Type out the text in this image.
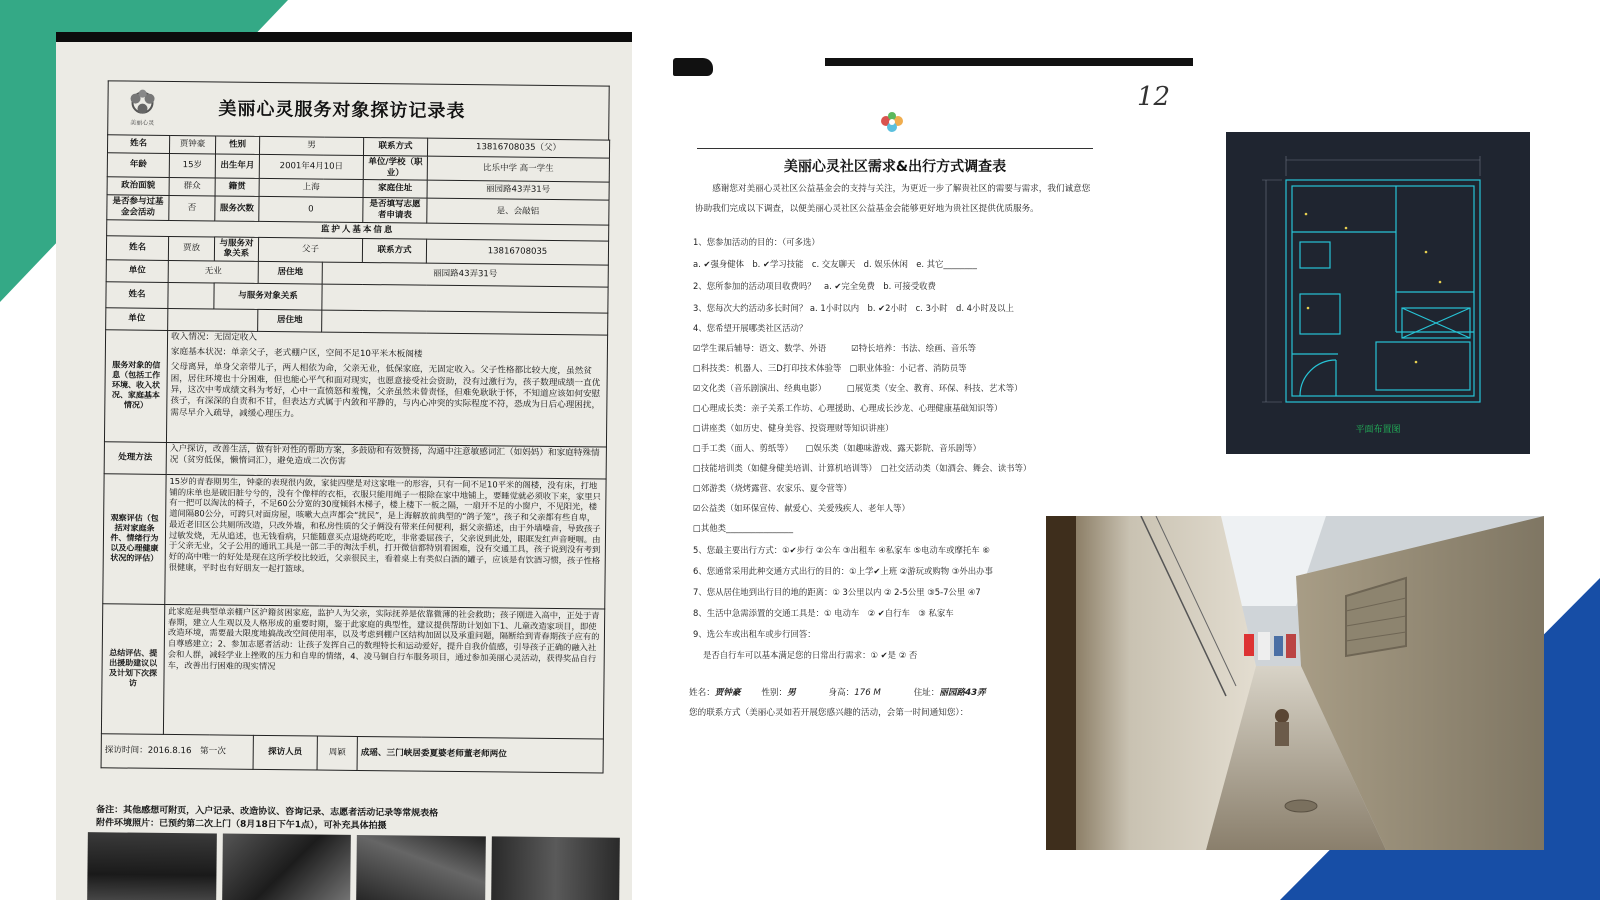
美丽心灵
美丽心灵服务对象探访记录表
姓名	贾钟豪	性别	男		联系方式	13816708035（父）
年龄	15岁	出生年月	2001年4月10日		单位/学校（职业）	比乐中学 高一学生
政治面貌	群众	籍贯	上海		家庭住址	丽园路43弄31号
是否参与过基金会活动	否	服务次数	0		是否填写志愿者申请表	是、会敲铝
监护人基本信息						
姓名	贾放	与服务对象关系	父子		联系方式	13816708035
单位	无业		居住地	丽园路43弄31号		
姓名		与服务对象关系				
单位			居住地			
服务对象的信息（包括工作环境、收入状况、家庭基本情况）	收入情况：无固定收入
家庭基本状况：单亲父子，老式棚户区，空间不足10平米木板阁楼
父母离异，单身父亲带儿子，两人相依为命，父亲无业，低保家庭，无固定收入。父子性格都比较大度，虽然贫困，居住环境也十分困难，但也能心平气和面对现实，也愿意接受社会资助，没有过激行为，孩子数理成绩一直优异，这次中考成绩文科为考好，心中一直愤怒和羞愧，父亲虽然未曾责怪，但难免耿耿于怀，不知道应该如何安慰孩子，有深深的自责和不甘，但表达方式属于内敛和平静的，与内心冲突的实际程度不符，恐成为日后心理困扰，需尽早介入疏导，减缓心理压力。					

处理方法	入户探访，改善生活，做有针对性的帮助方案，多鼓励和有效赞扬，沟通中注意敏感词汇（如妈妈）和家庭特殊情况（贫穷低保，懒惰词汇），避免造成二次伤害					
观察评估（包括对家庭条件、情绪行为以及心理健康状况的评估）	15岁的青春期男生，钟豪的表现很内敛，家徒四壁是对这家唯一的形容，只有一间不足10平米的阁楼，没有床，打地铺的床单也是破旧脏兮兮的，没有个像样的衣柜，衣服只能用绳子一根除在家中地铺上，要睡觉就必须收下来，家里只有一把可以淘汰的椅子，不足60公分宽的30度倾斜木梯子，楼上楼下一板之隔，一扇开不足的小窗户，不见阳光，楼道间隔80公分，可跨只对面房屋，咳嗽大点声都会“扰民”，是上海解放前典型的“鸽子笼”，孩子和父亲都有些自卑，最近老旧区公共厕所改造，只改外墙，和私房性质的父子俩没有带来任何便利，据父亲描述，由于外墙噪音，导致孩子过敏发烧，无从追述，也无钱看病，只能随意买点退烧药吃吃，非常委屈孩子，父亲说到此处，眼眶发红声音哽咽。由于父亲无业，父子公用的通讯工具是一部二手的淘汰手机，打开微信都特别看困难，没有交通工具，孩子说到没有考到好的高中唯一的好处是现在这所学校比较近，父亲很民主，看着桌上有类似白酒的罐子，应该是有饮酒习惯，孩子性格很健康，平时也有好朋友一起打篮球。					
总结评估、提出援助建议以及计划下次探访	此家庭是典型单亲棚户区沪籍贫困家庭，监护人为父亲，实际抚养是依靠微薄的社会救助；孩子刚进入高中，正处于青春期，建立人生观以及人格形成的重要时期，鉴于此家庭的典型性，建议提供帮助计划如下1、儿童改造家项目，即使改造环境，需要最大限度地搞战改空间使用率，以及考虑到棚户区结构加固以及承重问题，隔断给到青春期孩子应有的自尊感建立；2、参加志愿者活动：让孩子发挥自己的数理特长和运动爱好，提升自我价值感，引导孩子正确的融入社会和人群，减轻学业上挫败的压力和自卑的情绪，4、凌马铜自行车服务项目，通过参加美丽心灵活动，获得奖品自行车，改善出行困难的现实情况					
探访时间：2016.8.16　第一次			探访人员	周颖	成瑶、三门峡居委夏婆老师董老师两位	
备注：其他感想可附页，入户记录、改造协议、咨询记录、志愿者活动记录等常规表格
附件环境照片：已预约第二次上门（8月18日下午1点），可补充具体拍摄
12
美丽心灵社区需求&出行方式调查表
感谢您对美丽心灵社区公益基金会的支持与关注，为更近一步了解贵社区的需要与需求，我们诚意您协助我们完成以下调查，以便美丽心灵社区公益基金会能够更好地为贵社区提供优质服务。
1、您参加活动的目的：（可多选）
a. ✔强身健体　b. ✔学习技能　c. 交友聊天　d. 娱乐休闲　e. 其它________
2、您所参加的活动项目收费吗？　a. ✔完全免费　b. 可接受收费
3、您每次大约活动多长时间？ a. 1小时以内　b. ✔2小时　c. 3小时　d. 4小时及以上
4、您希望开展哪类社区活动？
☑学生课后辅导：语文、数学、外语　　　☑特长培养：书法、绘画、音乐等
□科技类：机器人、三D打印技术体验等　□职业体验：小记者、消防员等
☑文化类（音乐剧演出、经典电影）　　　□展览类（安全、教育、环保、科技、艺术等）
□心理成长类：亲子关系工作坊、心理援助、心理成长沙龙、心理健康基础知识等）
□讲座类（如历史、健身美容、投资理财等知识讲座）
□手工类（面人、剪纸等）　　□娱乐类（如趣味游戏、露天影院、音乐剧等）
□技能培训类（如健身健美培训、计算机培训等）　□社交活动类（如酒会、舞会、读书等）
□郊游类（烧烤露营、农家乐、夏令营等）
☑公益类（如环保宣传、献爱心、关爱残疾人、老年人等）
□其他类________________
5、您最主要出行方式：①✔步行 ②公车 ③出租车 ④私家车 ⑤电动车或摩托车 ⑥
6、您通常采用此种交通方式出行的目的：①上学✔上班 ②游玩或购物 ③外出办事
7、您从居住地到出行目的地的距离：① 3公里以内 ② 2-5公里 ③5-7公里 ④7
8、生活中急需添置的交通工具是：① 电动车　② ✔自行车　③ 私家车
9、选公车或出租车或步行回答：
是否自行车可以基本满足您的日常出行需求：① ✔是 ② 否
姓名：贾钟豪 性别：男	身高：176 M	住址：丽园路43弄
您的联系方式（美丽心灵如若开展您感兴趣的活动，会第一时间通知您）：
平面布置图
